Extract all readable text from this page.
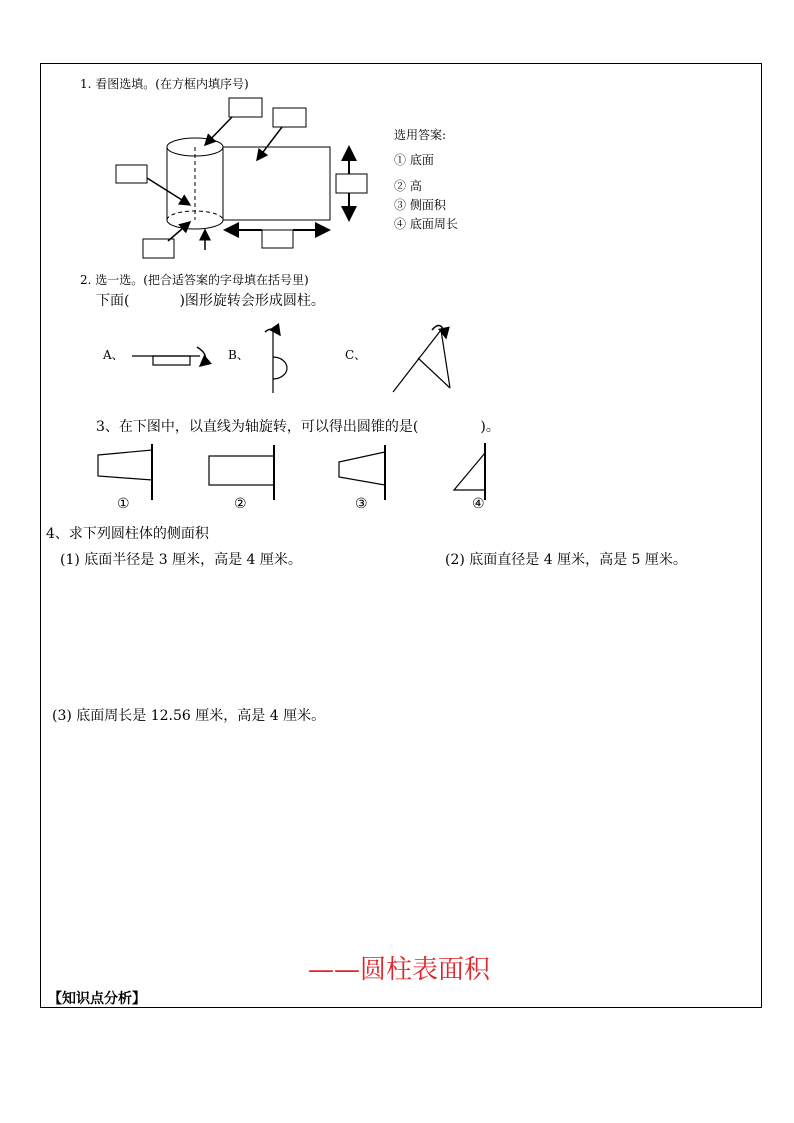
1. 看图选填。(在方框内填序号)
选用答案:
① 底面
② 高
③ 侧面积
④ 底面周长
2. 选一选。(把合适答案的字母填在括号里)
下面(	)图形旋转会形成圆柱。
A、	B、	C、
3、在下图中，以直线为轴旋转，可以得出圆锥的是(	)。
①	②	③	④
4、求下列圆柱体的侧面积
(1) 底面半径是 3 厘米，高是 4 厘米。	(2) 底面直径是 4 厘米，高是 5 厘米。
(3) 底面周长是 12.56 厘米，高是 4 厘米。
——圆柱表面积
【知识点分析】
